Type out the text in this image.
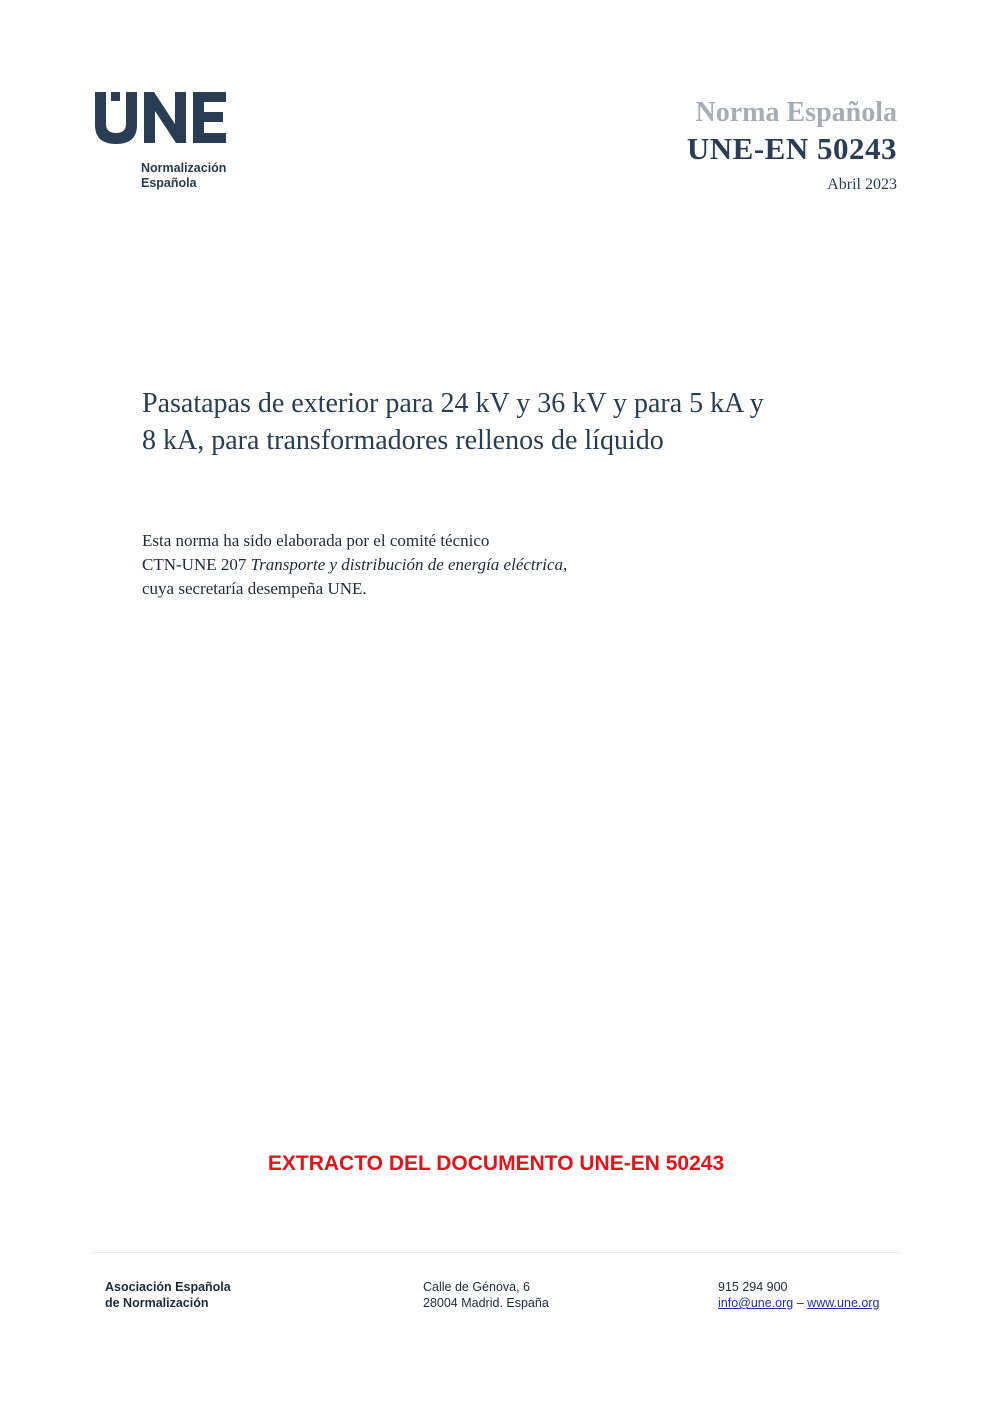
Normalización
Española
Norma Española
UNE-EN 50243
Abril 2023
Pasatapas de exterior para 24 kV y 36 kV y para 5 kA y
8 kA, para transformadores rellenos de líquido
Esta norma ha sido elaborada por el comité técnico
CTN-UNE 207 Transporte y distribución de energía eléctrica,
cuya secretaría desempeña UNE.
EXTRACTO DEL DOCUMENTO UNE-EN 50243
Asociación Española
de Normalización
Calle de Génova, 6
28004 Madrid. España
915 294 900
info@une.org – www.une.org
